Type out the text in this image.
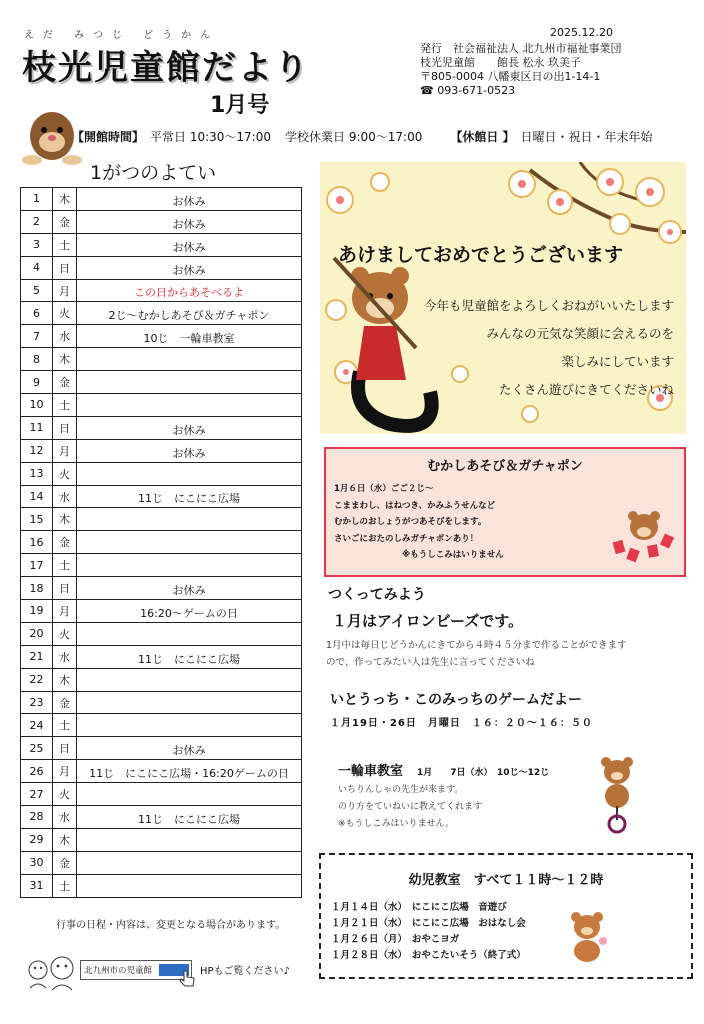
えだ みつじ どうかん
枝光児童館だより
1月号
2025.12.20
発行　社会福祉法人 北九州市福祉事業団
枝光児童館　　館長 松永 玖美子
〒805-0004 八幡東区日の出1-14-1
☎ 093-671-0523
【開館時間】 平常日 10:30～17:00 学校休業日 9:00～17:00 【休館日 】 日曜日・祝日・年末年始
1がつのよてい
1	木	お休み
2	金	お休み
3	土	お休み
4	日	お休み
5	月	この日からあそべるよ
6	火	2じ～むかしあそび＆ガチャポン
7	水	10じ　一輪車教室
8	木	
9	金	
10	土	
11	日	お休み
12	月	お休み
13	火	
14	水	11じ　にこにこ広場
15	木	
16	金	
17	土	
18	日	お休み
19	月	16:20～ゲームの日
20	火	
21	水	11じ　にこにこ広場
22	木	
23	金	
24	土	
25	日	お休み
26	月	11じ　にこにこ広場・16:20ゲームの日
27	火	
28	水	11じ　にこにこ広場
29	木	
30	金	
31	土	
行事の日程・内容は、変更となる場合があります。
北九州市の児童館	HPもご覧ください♪
あけましておめでとうございます
今年も児童館をよろしくおねがいいたします
みんなの元気な笑顔に会えるのを
楽しみにしています
たくさん遊びにきてくださいね
むかしあそび＆ガチャポン
1月６日（水）ごご２じ～
こままわし、はねつき、かみふうせんなど
むかしのおしょうがつあそびをします。
さいごにおたのしみガチャポンあり！
　　　　　　　　※もうしこみはいりません
つくってみよう
１月はアイロンビーズです。
1月中は毎日じどうかんにきてから４時４５分まで作ることができます
ので、作ってみたい人は先生に言ってくださいね
いとうっち・このみっちのゲームだよー
１月19日・26日　月曜日　１６：２０～１６：５０
一輪車教室 1月　　7日（水）　10じ～12じ
いちりんしゃの先生が来ます。
のり方をていねいに教えてくれます
※もうしこみはいりません。
幼児教室　すべて１１時～１２時
１月１４日（水）　にこにこ広場　音遊び
１月２１日（水）　にこにこ広場　おはなし会
１月２６日（月）　おやこヨガ
１月２８日（水）　おやこたいそう（終了式）
